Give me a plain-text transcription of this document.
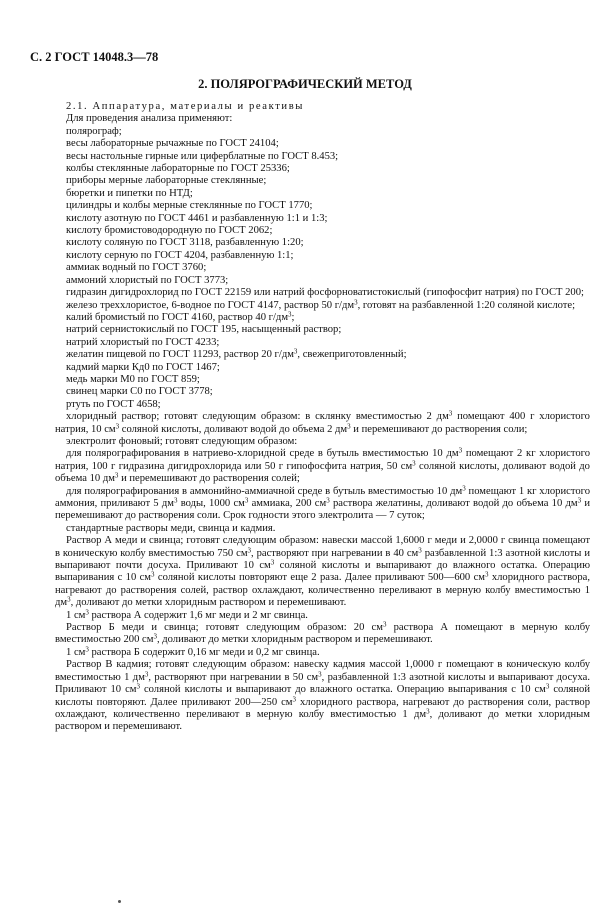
С. 2 ГОСТ 14048.3—78
2. ПОЛЯРОГРАФИЧЕСКИЙ МЕТОД

2.1. Аппаратура, материалы и реактивы

Для проведения анализа применяют:

полярограф;

весы лабораторные рычажные по ГОСТ 24104;

весы настольные гирные или циферблатные по ГОСТ 8.453;

колбы стеклянные лабораторные по ГОСТ 25336;

приборы мерные лабораторные стеклянные;

бюретки и пипетки по НТД;

цилиндры и колбы мерные стеклянные по ГОСТ 1770;

кислоту азотную по ГОСТ 4461 и разбавленную 1:1 и 1:3;

кислоту бромистоводородную по ГОСТ 2062;

кислоту соляную по ГОСТ 3118, разбавленную 1:20;

кислоту серную по ГОСТ 4204, разбавленную 1:1;

аммиак водный по ГОСТ 3760;

аммоний хлористый по ГОСТ 3773;

гидразин дигидрохлорид по ГОСТ 22159 или натрий фосфорноватистокислый (гипофосфит натрия) по ГОСТ 200;

железо треххлористое, 6-водное по ГОСТ 4147, раствор 50 $г/дм^3$, готовят на разбавленной 1:20 соляной кислоте;

калий бромистый по ГОСТ 4160, раствор 40 $г/дм^3$;

натрий сернистокислый по ГОСТ 195, насыщенный раствор;

натрий хлористый по ГОСТ 4233;

желатин пищевой по ГОСТ 11293, раствор 20 $г/дм^3$, свежеприготовленный;

кадмий марки Кд0 по ГОСТ 1467;

медь марки М0 по ГОСТ 859;

свинец марки С0 по ГОСТ 3778;

ртуть по ГОСТ 4658;

хлоридный раствор; готовят следующим образом: в склянку вместимостью 2 $дм^3$ помещают 400 г хлористого натрия, 10 $см^3$ соляной кислоты, доливают водой до объема 2 $дм^3$ и перемешивают до растворения соли;

электролит фоновый; готовят следующим образом:

для полярографирования в натриево-хлоридной среде в бутыль вместимостью 10 $дм^3$ помещают 2 кг хлористого натрия, 100 г гидразина дигидрохлорида или 50 г гипофосфита натрия, 50 $см^3$ соляной кислоты, доливают водой до объема 10 $дм^3$ и перемешивают до растворения солей;

для полярографирования в аммонийно-аммиачной среде в бутыль вместимостью 10 $дм^3$ помещают 1 кг хлористого аммония, приливают 5 $дм^3$ воды, 1000 $см^3$ аммиака, 200 $см^3$ раствора желатины, доливают водой до объема 10 $дм^3$ и перемешивают до растворения соли. Срок годности этого электролита — 7 суток;

стандартные растворы меди, свинца и кадмия.

Раствор А меди и свинца; готовят следующим образом: навески массой 1,6000 г меди и 2,0000 г свинца помещают в коническую колбу вместимостью 750 $см^3$, растворяют при нагревании в 40 $см^3$ разбавленной 1:3 азотной кислоты и выпаривают почти досуха. Приливают 10 $см^3$ соляной кислоты и выпаривают до влажного остатка. Операцию выпаривания с 10 $см^3$ соляной кислоты повторяют еще 2 раза. Далее приливают 500—600 $см^3$ хлоридного раствора, нагревают до растворения солей, раствор охлаждают, количественно переливают в мерную колбу вместимостью 1 $дм^3$, доливают до метки хлоридным раствором и перемешивают.

1 $см^3$ раствора А содержит 1,6 мг меди и 2 мг свинца.

Раствор Б меди и свинца; готовят следующим образом: 20 $см^3$ раствора А помещают в мерную колбу вместимостью 200 $см^3$, доливают до метки хлоридным раствором и перемешивают.

1 $см^3$ раствора Б содержит 0,16 мг меди и 0,2 мг свинца.

Раствор В кадмия; готовят следующим образом: навеску кадмия массой 1,0000 г помещают в коническую колбу вместимостью 1 $дм^3$, растворяют при нагревании в 50 $см^3$, разбавленной 1:3 азотной кислоты и выпаривают досуха. Приливают 10 $см^3$ соляной кислоты и выпаривают до влажного остатка. Операцию выпаривания с 10 $см^3$ соляной кислоты повторяют. Далее приливают 200—250 $см^3$ хлоридного раствора, нагревают до растворения соли, раствор охлаждают, количественно переливают в мерную колбу вместимостью 1 $дм^3$, доливают до метки хлоридным раствором и перемешивают.
